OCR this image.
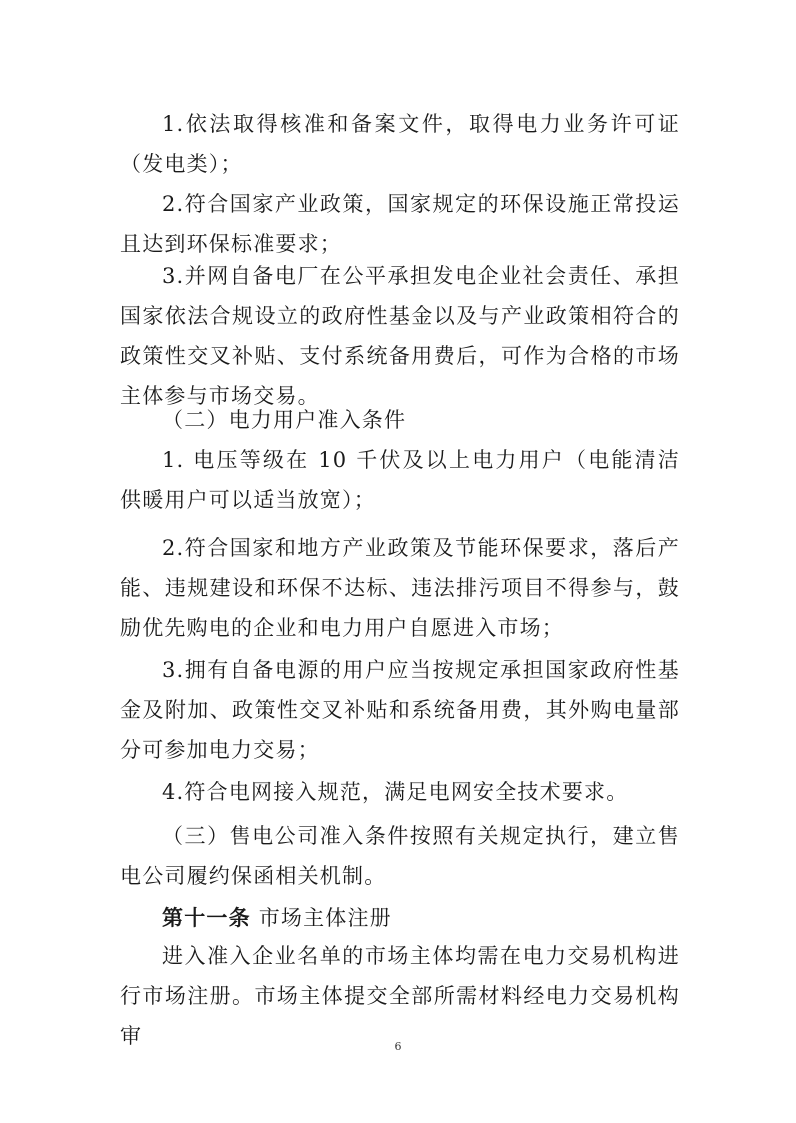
1.依法取得核准和备案文件，取得电力业务许可证（发电类）；

2.符合国家产业政策，国家规定的环保设施正常投运且达到环保标准要求；

3.并网自备电厂在公平承担发电企业社会责任、承担国家依法合规设立的政府性基金以及与产业政策相符合的政策性交叉补贴、支付系统备用费后，可作为合格的市场主体参与市场交易。

（二）电力用户准入条件

1. 电压等级在 10 千伏及以上电力用户（电能清洁供暖用户可以适当放宽）；

2.符合国家和地方产业政策及节能环保要求，落后产能、违规建设和环保不达标、违法排污项目不得参与，鼓励优先购电的企业和电力用户自愿进入市场；

3.拥有自备电源的用户应当按规定承担国家政府性基金及附加、政策性交叉补贴和系统备用费，其外购电量部分可参加电力交易；

4.符合电网接入规范，满足电网安全技术要求。

（三）售电公司准入条件按照有关规定执行，建立售电公司履约保函相关机制。

第十一条 市场主体注册

进入准入企业名单的市场主体均需在电力交易机构进行市场注册。市场主体提交全部所需材料经电力交易机构审	6
